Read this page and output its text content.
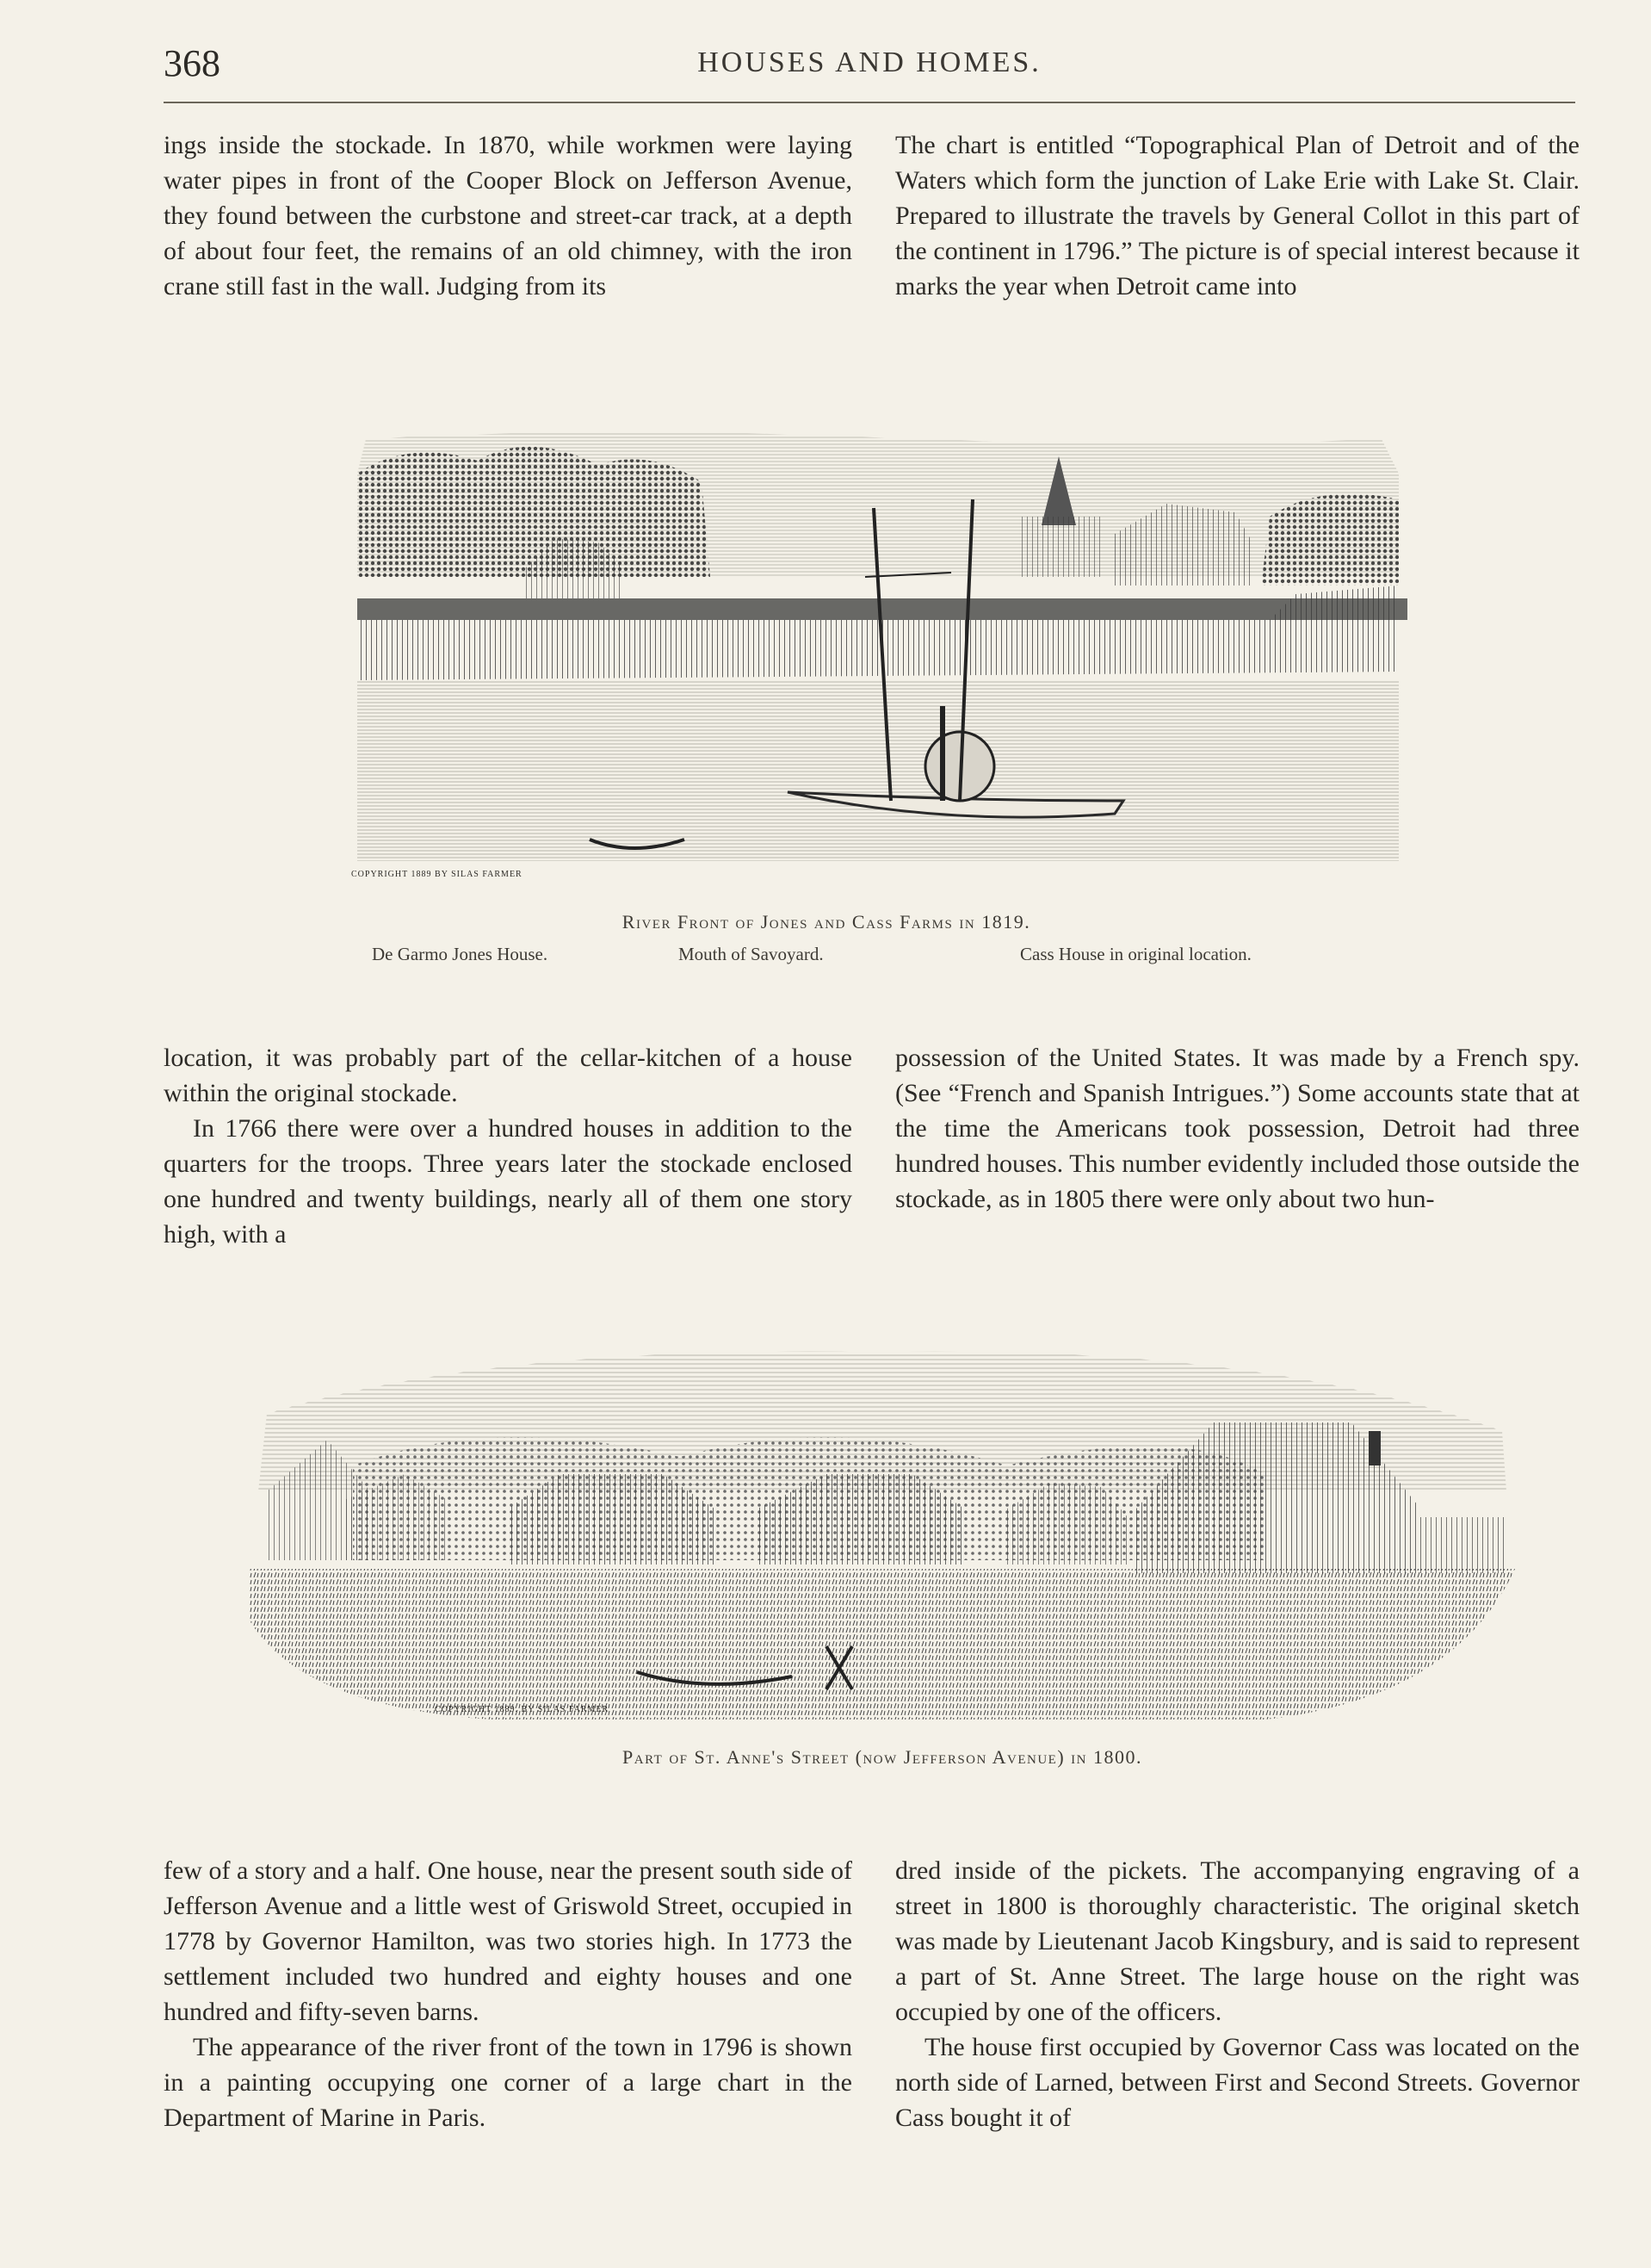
368	HOUSES AND HOMES.

ings inside the stockade. In 1870, while workmen were laying water pipes in front of the Cooper Block on Jefferson Avenue, they found between the curbstone and street-car track, at a depth of about four feet, the remains of an old chimney, with the iron crane still fast in the wall. Judging from its

The chart is entitled “Topographical Plan of Detroit and of the Waters which form the junction of Lake Erie with Lake St. Clair. Prepared to illustrate the travels by General Collot in this part of the continent in 1796.” The picture is of special interest because it marks the year when Detroit came into

COPYRIGHT 1889 BY SILAS FARMER
River Front of Jones and Cass Farms in 1819.
De Garmo Jones House.	Mouth of Savoyard.	Cass House in original location.

location, it was probably part of the cellar-kitchen of a house within the original stockade.

In 1766 there were over a hundred houses in addition to the quarters for the troops. Three years later the stockade enclosed one hundred and twenty buildings, nearly all of them one story high, with a

possession of the United States. It was made by a French spy. (See “French and Spanish Intrigues.”) Some accounts state that at the time the Americans took possession, Detroit had three hundred houses. This number evidently included those outside the stockade, as in 1805 there were only about two hun-

COPYRIGHT 1889. BY SILAS FARMER
Part of St. Anne's Street (now Jefferson Avenue) in 1800.

few of a story and a half. One house, near the present south side of Jefferson Avenue and a little west of Griswold Street, occupied in 1778 by Governor Hamilton, was two stories high. In 1773 the settlement included two hundred and eighty houses and one hundred and fifty-seven barns.

The appearance of the river front of the town in 1796 is shown in a painting occupying one corner of a large chart in the Department of Marine in Paris.

dred inside of the pickets. The accompanying engraving of a street in 1800 is thoroughly characteristic. The original sketch was made by Lieutenant Jacob Kingsbury, and is said to represent a part of St. Anne Street. The large house on the right was occupied by one of the officers.

The house first occupied by Governor Cass was located on the north side of Larned, between First and Second Streets. Governor Cass bought it of
